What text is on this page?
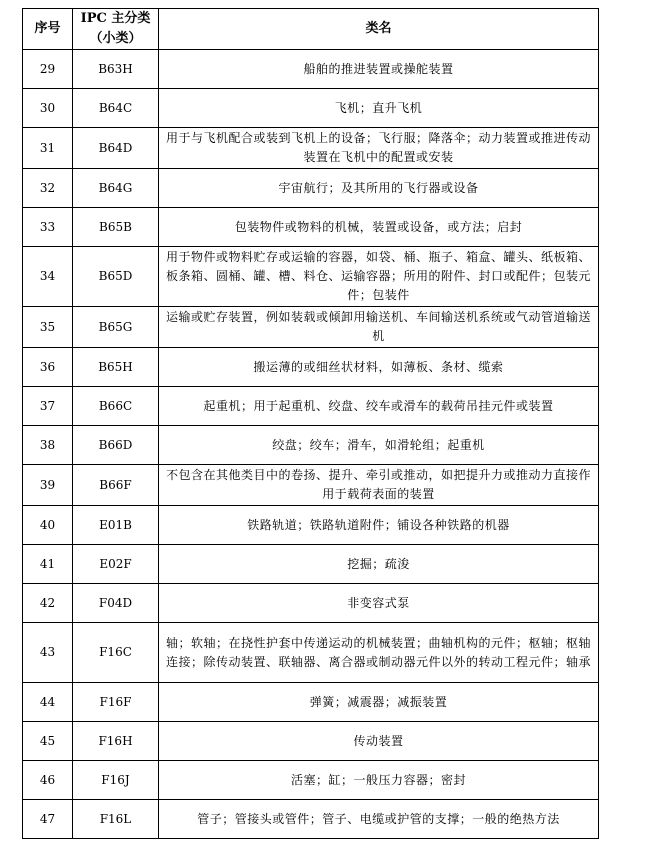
序号	IPC 主分类（小类）	类名
29	B63H	船舶的推进装置或操舵装置
30	B64C	飞机；直升飞机
31	B64D	用于与飞机配合或装到飞机上的设备；飞行服；降落伞；动力装置或推进传动装置在飞机中的配置或安装
32	B64G	宇宙航行；及其所用的飞行器或设备
33	B65B	包装物件或物料的机械，装置或设备，或方法；启封
34	B65D	用于物件或物料贮存或运输的容器，如袋、桶、瓶子、箱盒、罐头、纸板箱、板条箱、圆桶、罐、槽、料仓、运输容器；所用的附件、封口或配件；包装元件；包装件
35	B65G	运输或贮存装置，例如装载或倾卸用输送机、车间输送机系统或气动管道输送机
36	B65H	搬运薄的或细丝状材料，如薄板、条材、缆索
37	B66C	起重机；用于起重机、绞盘、绞车或滑车的载荷吊挂元件或装置
38	B66D	绞盘；绞车；滑车，如滑轮组；起重机
39	B66F	不包含在其他类目中的卷扬、提升、牵引或推动，如把提升力或推动力直接作用于载荷表面的装置
40	E01B	铁路轨道；铁路轨道附件；铺设各种铁路的机器
41	E02F	挖掘；疏浚
42	F04D	非变容式泵
43	F16C	轴；软轴；在挠性护套中传递运动的机械装置；曲轴机构的元件；枢轴；枢轴连接；除传动装置、联轴器、离合器或制动器元件以外的转动工程元件；轴承
44	F16F	弹簧；减震器；减振装置
45	F16H	传动装置
46	F16J	活塞；缸；一般压力容器；密封
47	F16L	管子；管接头或管件；管子、电缆或护管的支撑；一般的绝热方法
